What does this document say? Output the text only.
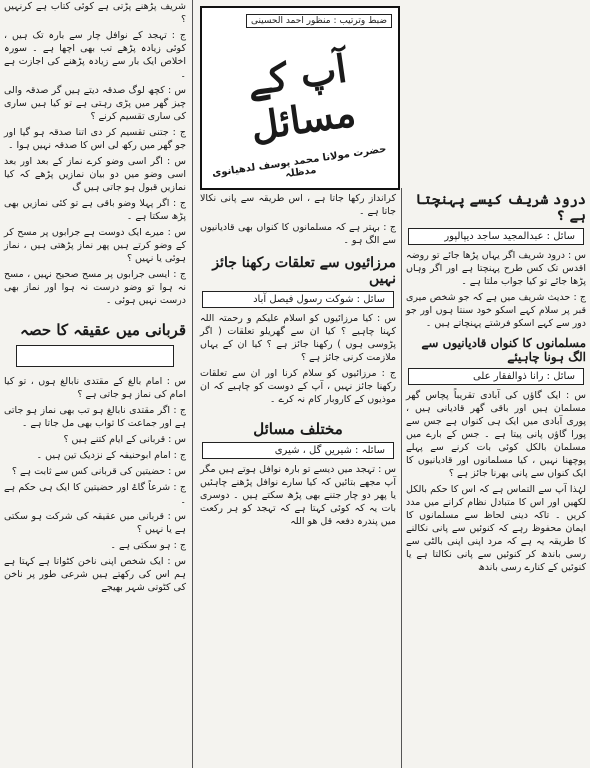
شریف پڑھنے پڑتی ہے کوئی کتاب ہے کرنہیں ؟

ج : تہجد کے نوافل چار سے بارہ تک ہیں ، کوئی زیادہ پڑھے تب بھی اچھا ہے ۔ سورہ اخلاص ایک بار سے زیادہ پڑھنے کی اجازت ہے ۔

س : کچھ لوگ صدقہ دیتے ہیں گر صدقہ والی چیز گھر میں پڑی رہتی ہے تو کیا ہیں ساری کی ساری تقسیم کرنے ؟

ج : جتنی تقسیم کر دی اتنا صدقہ ہو گیا اور جو گھر میں رکھ لی اس کا صدقہ نہیں ہوا ۔

س : اگر اسی وضو کرے نماز کے بعد اور بعد اسی وضو میں دو بیان نمازیں پڑھے کہ کیا نمازیں قبول ہو جاتی ہیں گ

ج : اگر پہلا وضو باقی ہے تو کئی نمازیں بھی پڑھ سکتا ہے ۔

س : میرے ایک دوست ہے جرابوں پر مسح کر کے وضو کرتے ہیں پھر نماز پڑھتی ہیں ، نماز ہوئی یا نہیں ؟

ج : ایسی جرابوں پر مسح صحیح نہیں ، مسح نہ ہوا تو وضو درست نہ ہوا اور نماز بھی درست نہیں ہوئی ۔

قربانی میں عقیقہ کا حصہ

س : امام بالغ کے مقتدی نابالغ ہوں ، تو کیا امام کی نماز ہو جاتی ہے ؟

ج : اگر مقتدی نابالغ ہو تب بھی نماز ہو جاتی ہے اور جماعت کا ثواب بھی مل جاتا ہے ۔

س : قربانی کے ایام کتنے ہیں ؟

ج : امام ابوحنیفہ کے نزدیک تین ہیں ۔

س : حضیتین کی قربانی کس سے ثابت ہے ؟

ج : شرعاً گاۓ اور حضیتین کا ایک ہی حکم ہے ۔

س : قربانی میں عقیقہ کی شرکت ہو سکتی ہے یا نہیں ؟

ج : ہو سکتی ہے ۔

س : ایک شخص اپنی ناخن کٹواتا ہے کہتا ہے ہم اس کی رکھتے ہیں شرعی طور پر ناخن کی کٹوتی شہر بھیجے

ضبط وترتیب : منظور احمد الحسینی
آپ کے مسائل
حضرت مولانا محمد یوسف لدھیانوی مدظلہ

کرانداز رکھا جاتا ہے ، اس طریقہ سے پانی نکالا جاتا ہے ۔

ج : بہتر ہے کہ مسلمانوں کا کنواں بھی قادیانیوں سے الگ ہو ۔

مرزائیوں سے تعلقات رکھنا جائز نہیں
سائل : شوکت رسول فیصل آباد

س : کیا مرزائیوں کو اسلام علیکم و رحمتہ اللہ کہنا چاہیے ؟ کیا ان سے گھریلو تعلقات ( اگر پڑوسی ہوں ) رکھنا جائز ہے ؟ کیا ان کے یہاں ملازمت کرنی جائز ہے ؟

ج : مرزائیوں کو سلام کرنا اور ان سے تعلقات رکھنا جائز نہیں ، آپ کے دوست کو چاہیے کہ ان موذیوں کے کاروبار کام نہ کرے ۔

مختلف مسائل
سائلہ : شیریں گل ، شیری

س : تہجد میں دیسے تو بارہ نوافل ہوتے ہیں مگر آپ مجھے بتائیں کہ کیا سارے نوافل پڑھنے چاہئیں یا پھر دو چار جتنے بھی پڑھ سکتے ہیں ۔ دوسری بات یہ کہ کوئی کہتا ہے کہ تہجد کو ہر رکعت میں پندرہ دفعہ قل ھو اللہ

درود شریف کیسے پہنچتا ہے ؟
سائل : عبدالمجید ساجد دیپالپور

س : درود شریف اگر یہاں پڑھا جائے تو روضہ اقدس تک کس طرح پہنچتا ہے اور اگر وہاں پڑھا جائے تو کیا جواب ملتا ہے ۔

ج : حدیث شریف میں ہے کہ جو شخص میری قبر پر سلام کہے اسکو خود سنتا ہوں اور جو دور سے کہے اسکو فرشتے پہنچاتے ہیں ۔

مسلمانوں کا کنواں قادیانیوں سے الگ ہونا چاہیئے
سائل : رانا ذوالفقار علی

س : ایک گاؤں کی آبادی تقریباً پچاس گھر مسلمان ہیں اور باقی گھر قادیانی ہیں ، پوری آبادی میں ایک ہی کنواں ہے جس سے پورا گاؤں پانی پیتا ہے ۔ جس کے بارے میں مسلمان بالکل کوئی بات کرنے سے پہلے پوچھنا نہیں ، کیا مسلمانوں اور قادیانیوں کا ایک کنواں سے پانی بھرنا جائز ہے ؟

لہٰذا آپ سے التماس ہے کہ اس کا حکم بالکل لکھیں اور اس کا متبادل نظام کرانے میں مدد کریں ۔ تاکہ دینی لحاظ سے مسلمانوں کا ایمان محفوظ رہے کہ کنوئیں سے پانی نکالنے کا طریقہ یہ ہے کہ مرد اپنی اپنی بالٹی سے رسی باندھ کر کنوئیں سے پانی نکالتا ہے یا کنوئیں کے کنارے رسی باندھ
